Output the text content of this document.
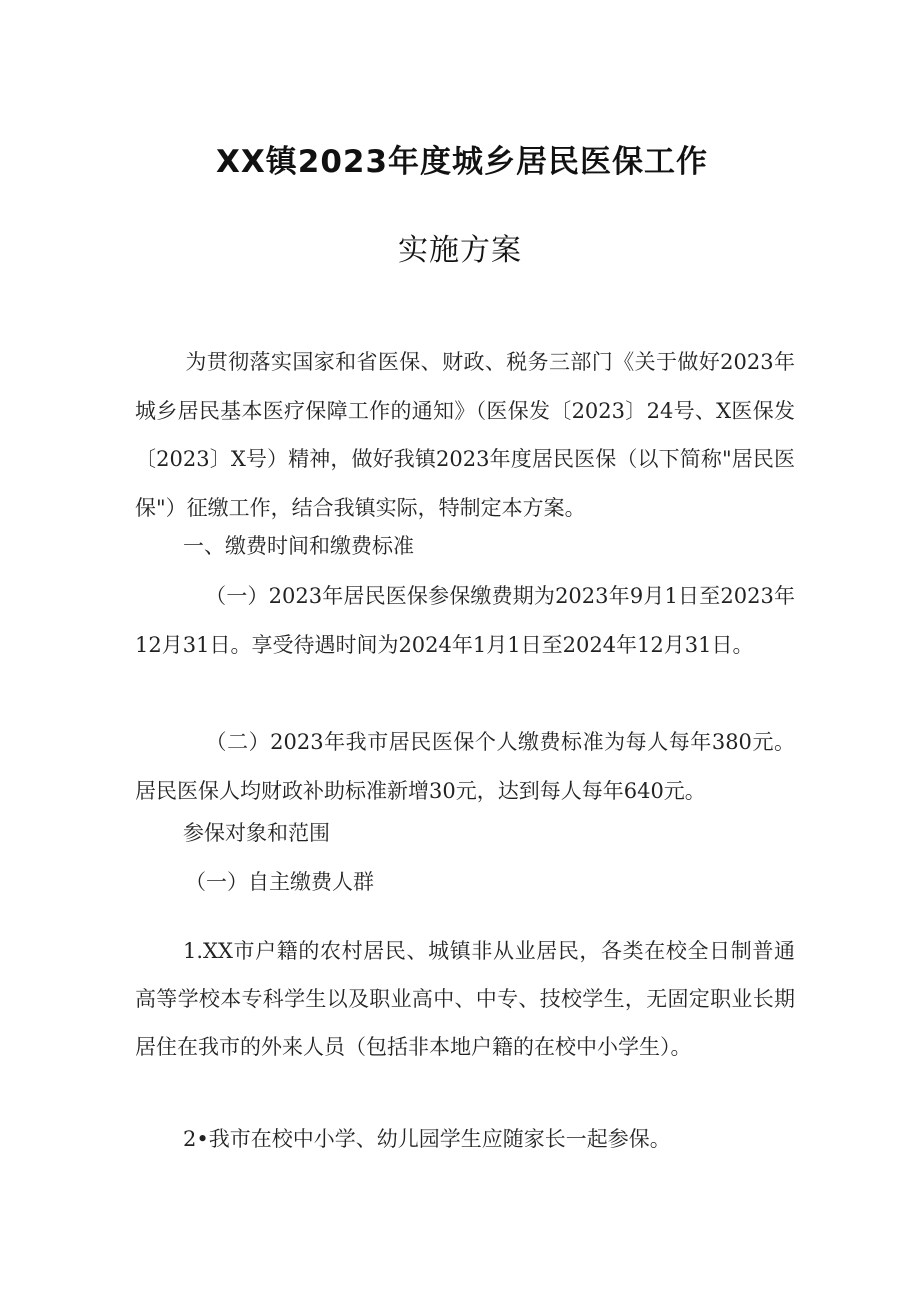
XX镇2023年度城乡居民医保工作
实施方案
为贯彻落实国家和省医保、财政、税务三部门《关于做好2023年城乡居民基本医疗保障工作的通知》（医保发〔2023〕24号、X医保发〔2023〕X号）精神，做好我镇2023年度居民医保（以下简称"居民医保"）征缴工作，结合我镇实际，特制定本方案。
一、缴费时间和缴费标准
（一）2023年居民医保参保缴费期为2023年9月1日至2023年12月31日。享受待遇时间为2024年1月1日至2024年12月31日。
（二）2023年我市居民医保个人缴费标准为每人每年380元。居民医保人均财政补助标准新增30元，达到每人每年640元。
参保对象和范围
（一）自主缴费人群
1.XX市户籍的农村居民、城镇非从业居民，各类在校全日制普通高等学校本专科学生以及职业高中、中专、技校学生，无固定职业长期居住在我市的外来人员（包括非本地户籍的在校中小学生）。
2•我市在校中小学、幼儿园学生应随家长一起参保。
